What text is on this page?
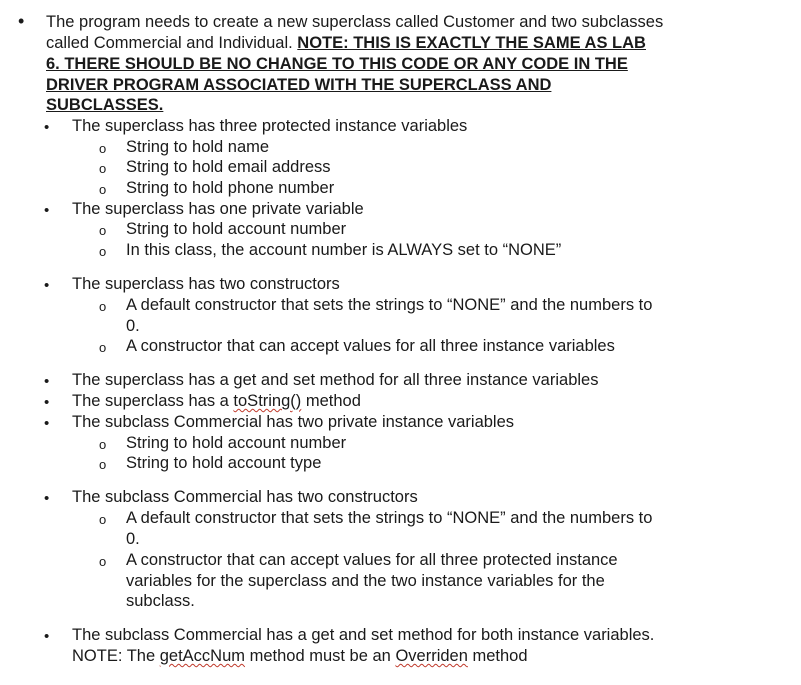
• The program needs to create a new superclass called Customer and two subclasses
called Commercial and Individual. NOTE: THIS IS EXACTLY THE SAME AS LAB
6. THERE SHOULD BE NO CHANGE TO THIS CODE OR ANY CODE IN THE
DRIVER PROGRAM ASSOCIATED WITH THE SUPERCLASS AND
SUBCLASSES.
• The superclass has three protected instance variables
o String to hold name
o String to hold email address
o String to hold phone number
• The superclass has one private variable
o String to hold account number
o In this class, the account number is ALWAYS set to “NONE”
• The superclass has two constructors
o A default constructor that sets the strings to “NONE” and the numbers to
0.
o A constructor that can accept values for all three instance variables
• The superclass has a get and set method for all three instance variables
• The superclass has a toString() method
• The subclass Commercial has two private instance variables
o String to hold account number
o String to hold account type
• The subclass Commercial has two constructors
o A default constructor that sets the strings to “NONE” and the numbers to
0.
o A constructor that can accept values for all three protected instance
variables for the superclass and the two instance variables for the
subclass.
• The subclass Commercial has a get and set method for both instance variables.
NOTE: The getAccNum method must be an Overriden method
